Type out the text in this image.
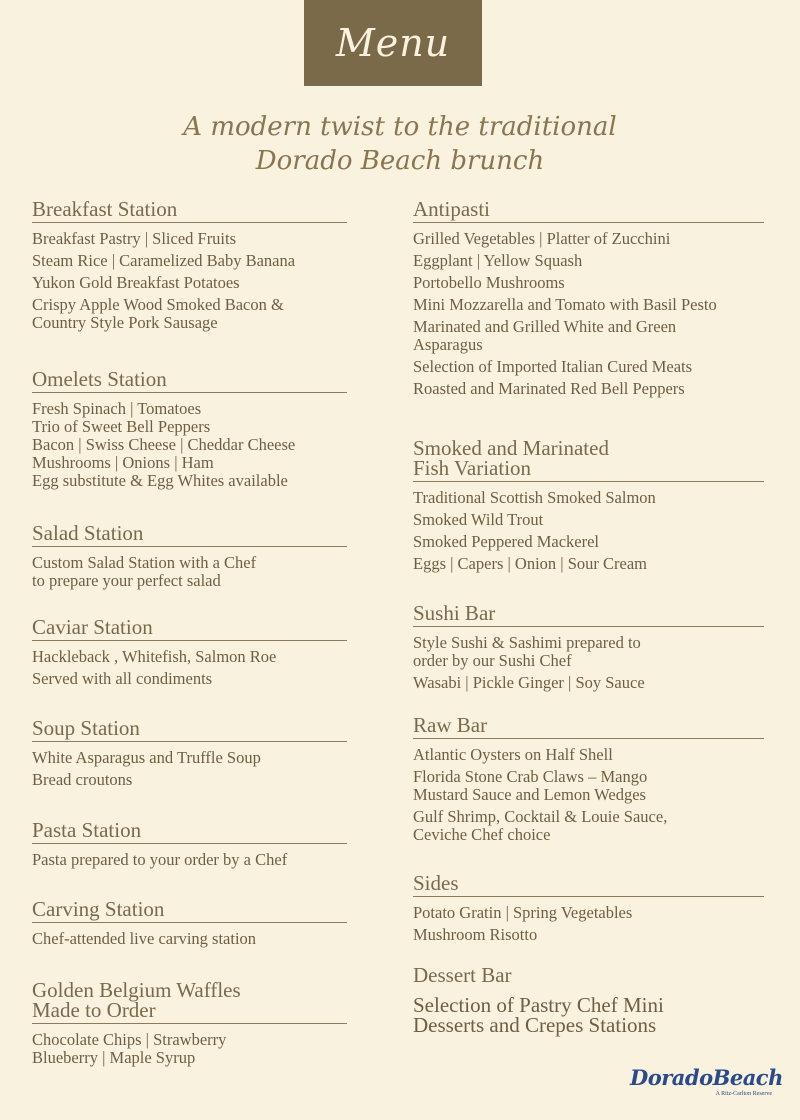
Menu
A modern twist to the traditional
Dorado Beach brunch
Breakfast Station
Breakfast Pastry | Sliced Fruits
Steam Rice | Caramelized Baby Banana
Yukon Gold Breakfast Potatoes
Crispy Apple Wood Smoked Bacon &
Country Style Pork Sausage
Omelets Station
Fresh Spinach | Tomatoes
Trio of Sweet Bell Peppers
Bacon | Swiss Cheese | Cheddar Cheese
Mushrooms | Onions | Ham
Egg substitute & Egg Whites available
Salad Station
Custom Salad Station with a Chef
to prepare your perfect salad
Caviar Station
Hackleback , Whitefish, Salmon Roe
Served with all condiments
Soup Station
White Asparagus and Truffle Soup
Bread croutons
Pasta Station
Pasta prepared to your order by a Chef
Carving Station
Chef-attended live carving station
Golden Belgium Waffles
Made to Order
Chocolate Chips | Strawberry
Blueberry | Maple Syrup
Antipasti
Grilled Vegetables | Platter of Zucchini
Eggplant | Yellow Squash
Portobello Mushrooms
Mini Mozzarella and Tomato with Basil Pesto
Marinated and Grilled White and Green
Asparagus
Selection of Imported Italian Cured Meats
Roasted and Marinated Red Bell Peppers
Smoked and Marinated
Fish Variation
Traditional Scottish Smoked Salmon
Smoked Wild Trout
Smoked Peppered Mackerel
Eggs | Capers | Onion | Sour Cream
Sushi Bar
Style Sushi & Sashimi prepared to
order by our Sushi Chef
Wasabi | Pickle Ginger | Soy Sauce
Raw Bar
Atlantic Oysters on Half Shell
Florida Stone Crab Claws – Mango
Mustard Sauce and Lemon Wedges
Gulf Shrimp, Cocktail & Louie Sauce,
Ceviche Chef choice
Sides
Potato Gratin | Spring Vegetables
Mushroom Risotto
Dessert Bar
Selection of Pastry Chef Mini
Desserts and Crepes Stations
DoradoBeach
A Ritz-Carlton Reserve
